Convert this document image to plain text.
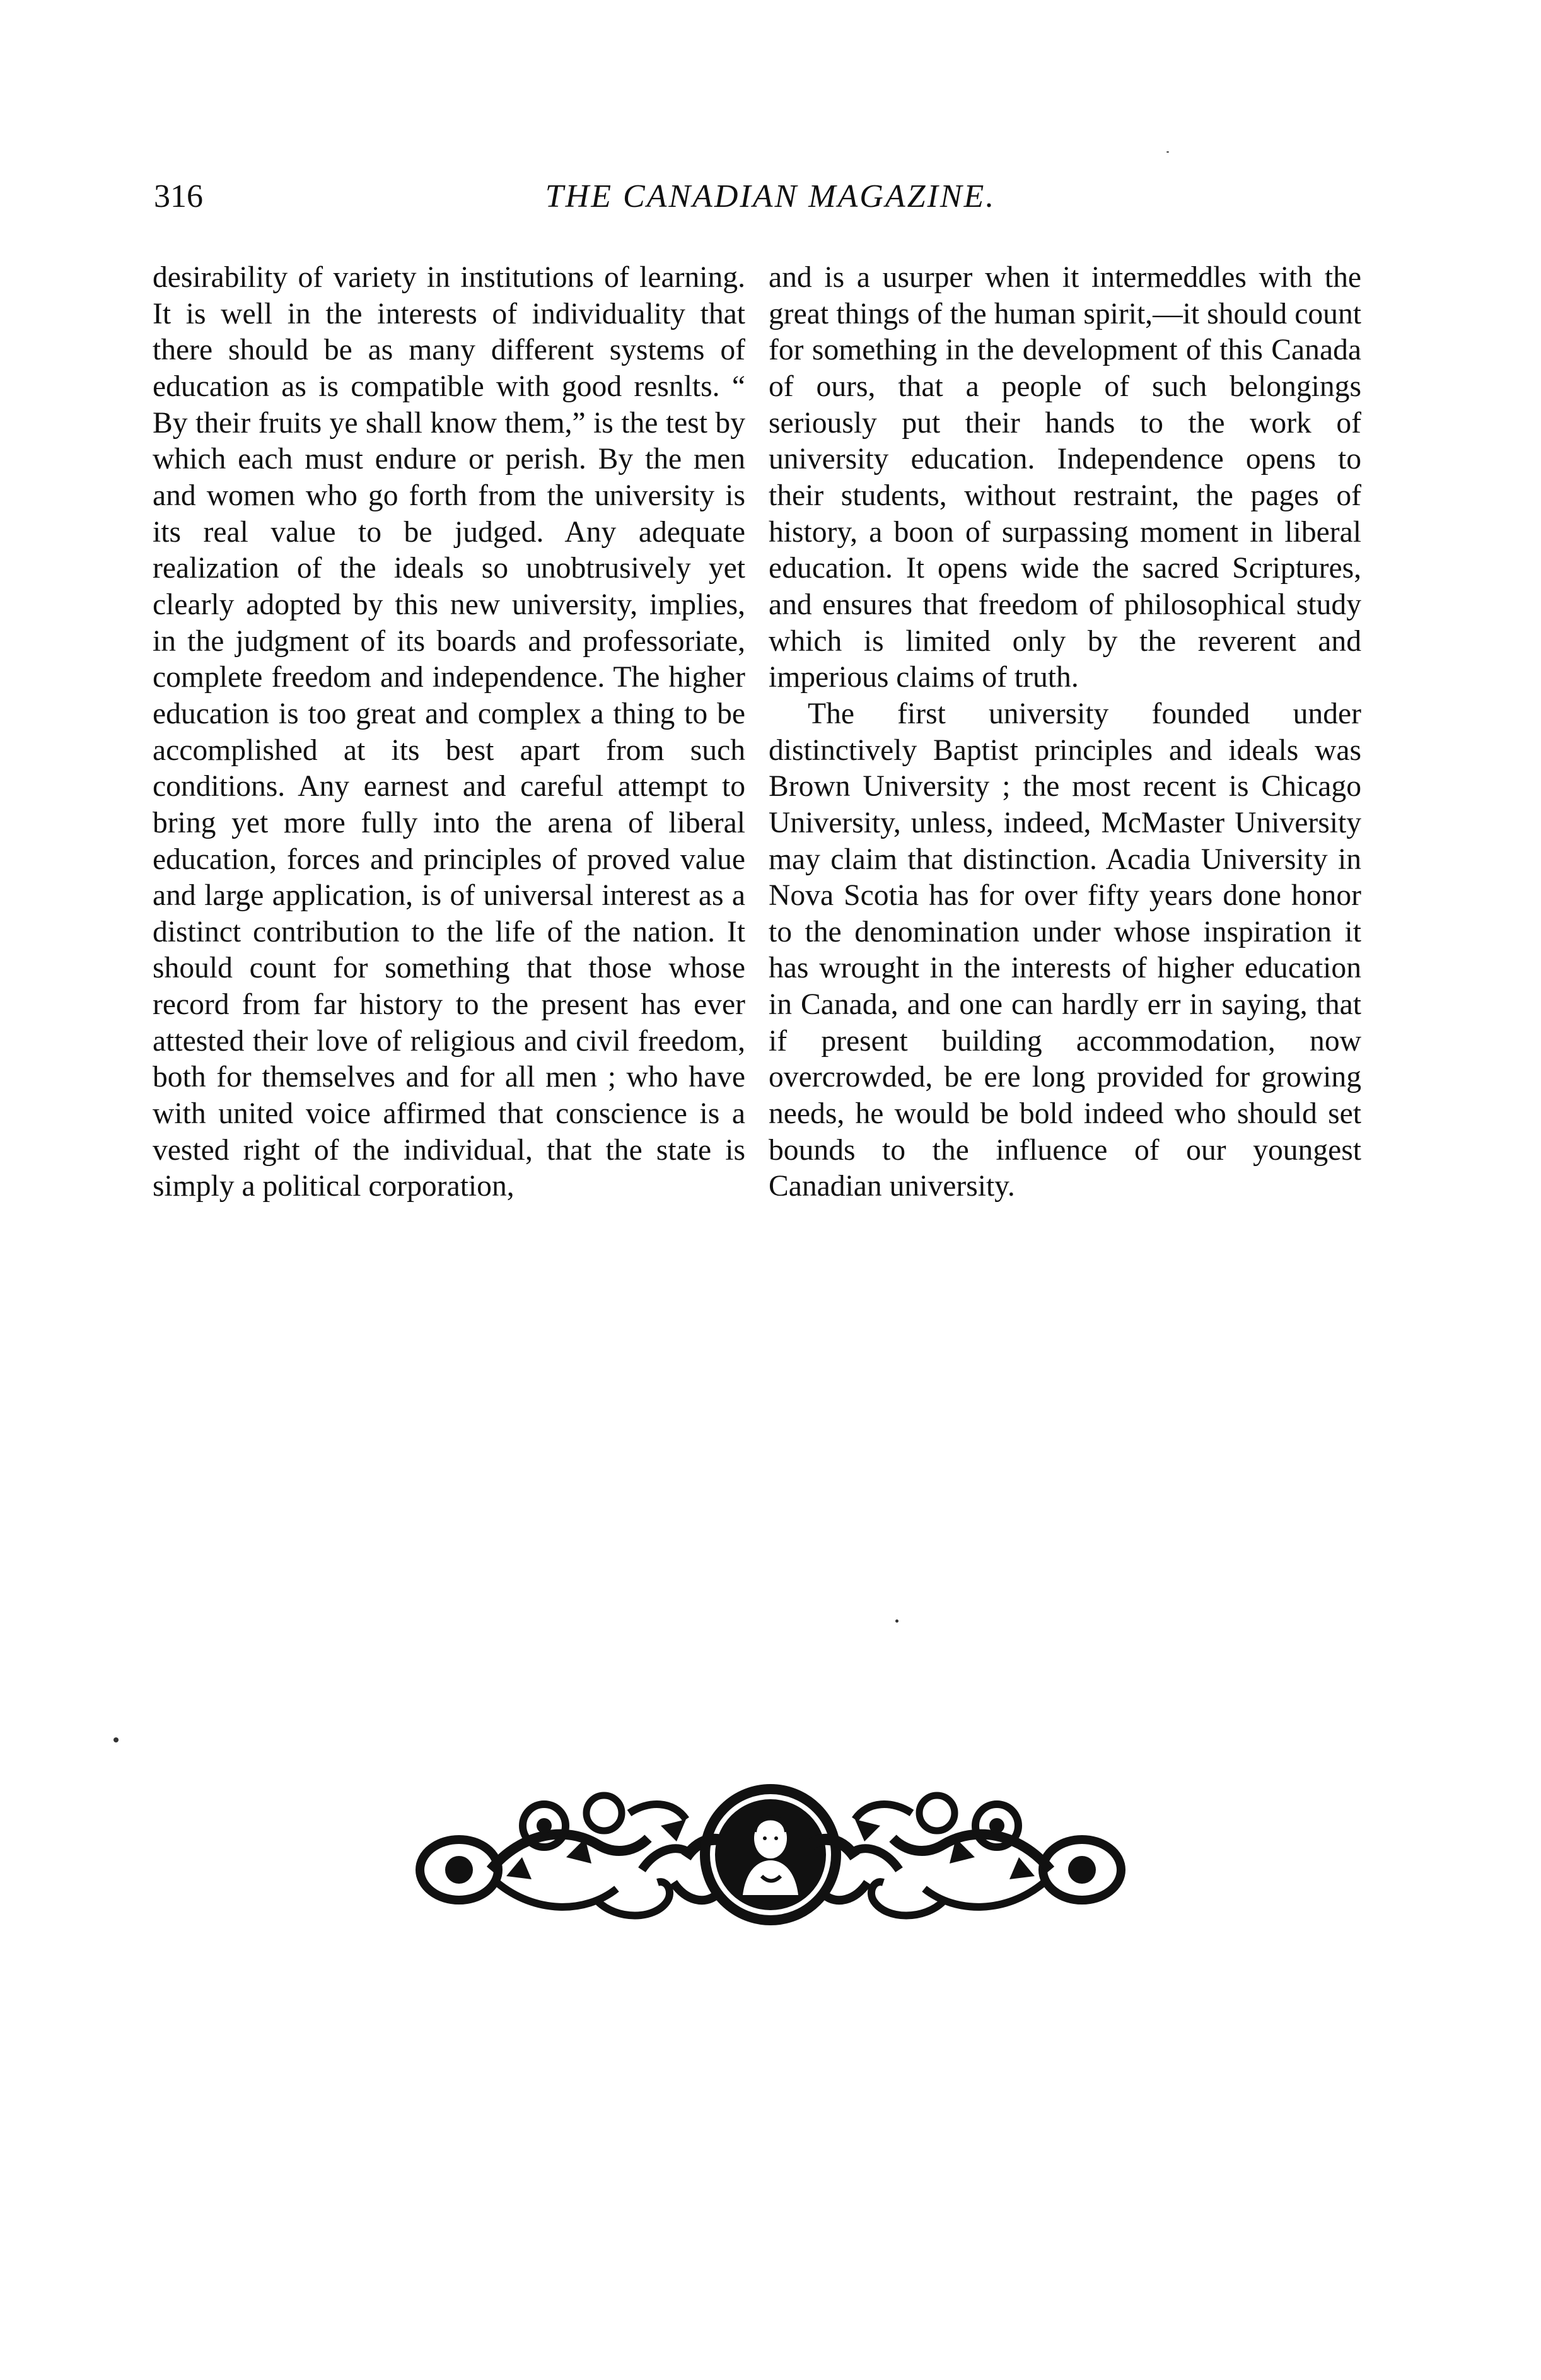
316	THE CANADIAN MAGAZINE.

desirability of variety in institutions of learning. It is well in the interests of individuality that there should be as many different systems of education as is compatible with good resnlts. “ By their fruits ye shall know them,” is the test by which each must endure or perish. By the men and women who go forth from the university is its real value to be judged. Any adequate realization of the ideals so unobtrusively yet clearly adopted by this new university, implies, in the judgment of its boards and professoriate, complete freedom and independence. The higher education is too great and complex a thing to be accomplished at its best apart from such conditions. Any earnest and careful attempt to bring yet more fully into the arena of liberal education, forces and principles of proved value and large application, is of universal interest as a distinct contribution to the life of the nation. It should count for something that those whose record from far history to the present has ever attested their love of religious and civil freedom, both for themselves and for all men ; who have with united voice affirmed that conscience is a vested right of the individual, that the state is simply a political corporation,

and is a usurper when it intermeddles with the great things of the human spirit,—it should count for something in the development of this Canada of ours, that a people of such belongings seriously put their hands to the work of university education. Independence opens to their students, without restraint, the pages of history, a boon of surpassing moment in liberal education. It opens wide the sacred Scriptures, and ensures that freedom of philosophical study which is limited only by the reverent and imperious claims of truth.

The first university founded under distinctively Baptist principles and ideals was Brown University ; the most recent is Chicago University, unless, indeed, McMaster University may claim that distinction. Acadia University in Nova Scotia has for over fifty years done honor to the denomination under whose inspiration it has wrought in the interests of higher education in Canada, and one can hardly err in saying, that if present building accommodation, now overcrowded, be ere long provided for growing needs, he would be bold indeed who should set bounds to the influence of our youngest Canadian university.
